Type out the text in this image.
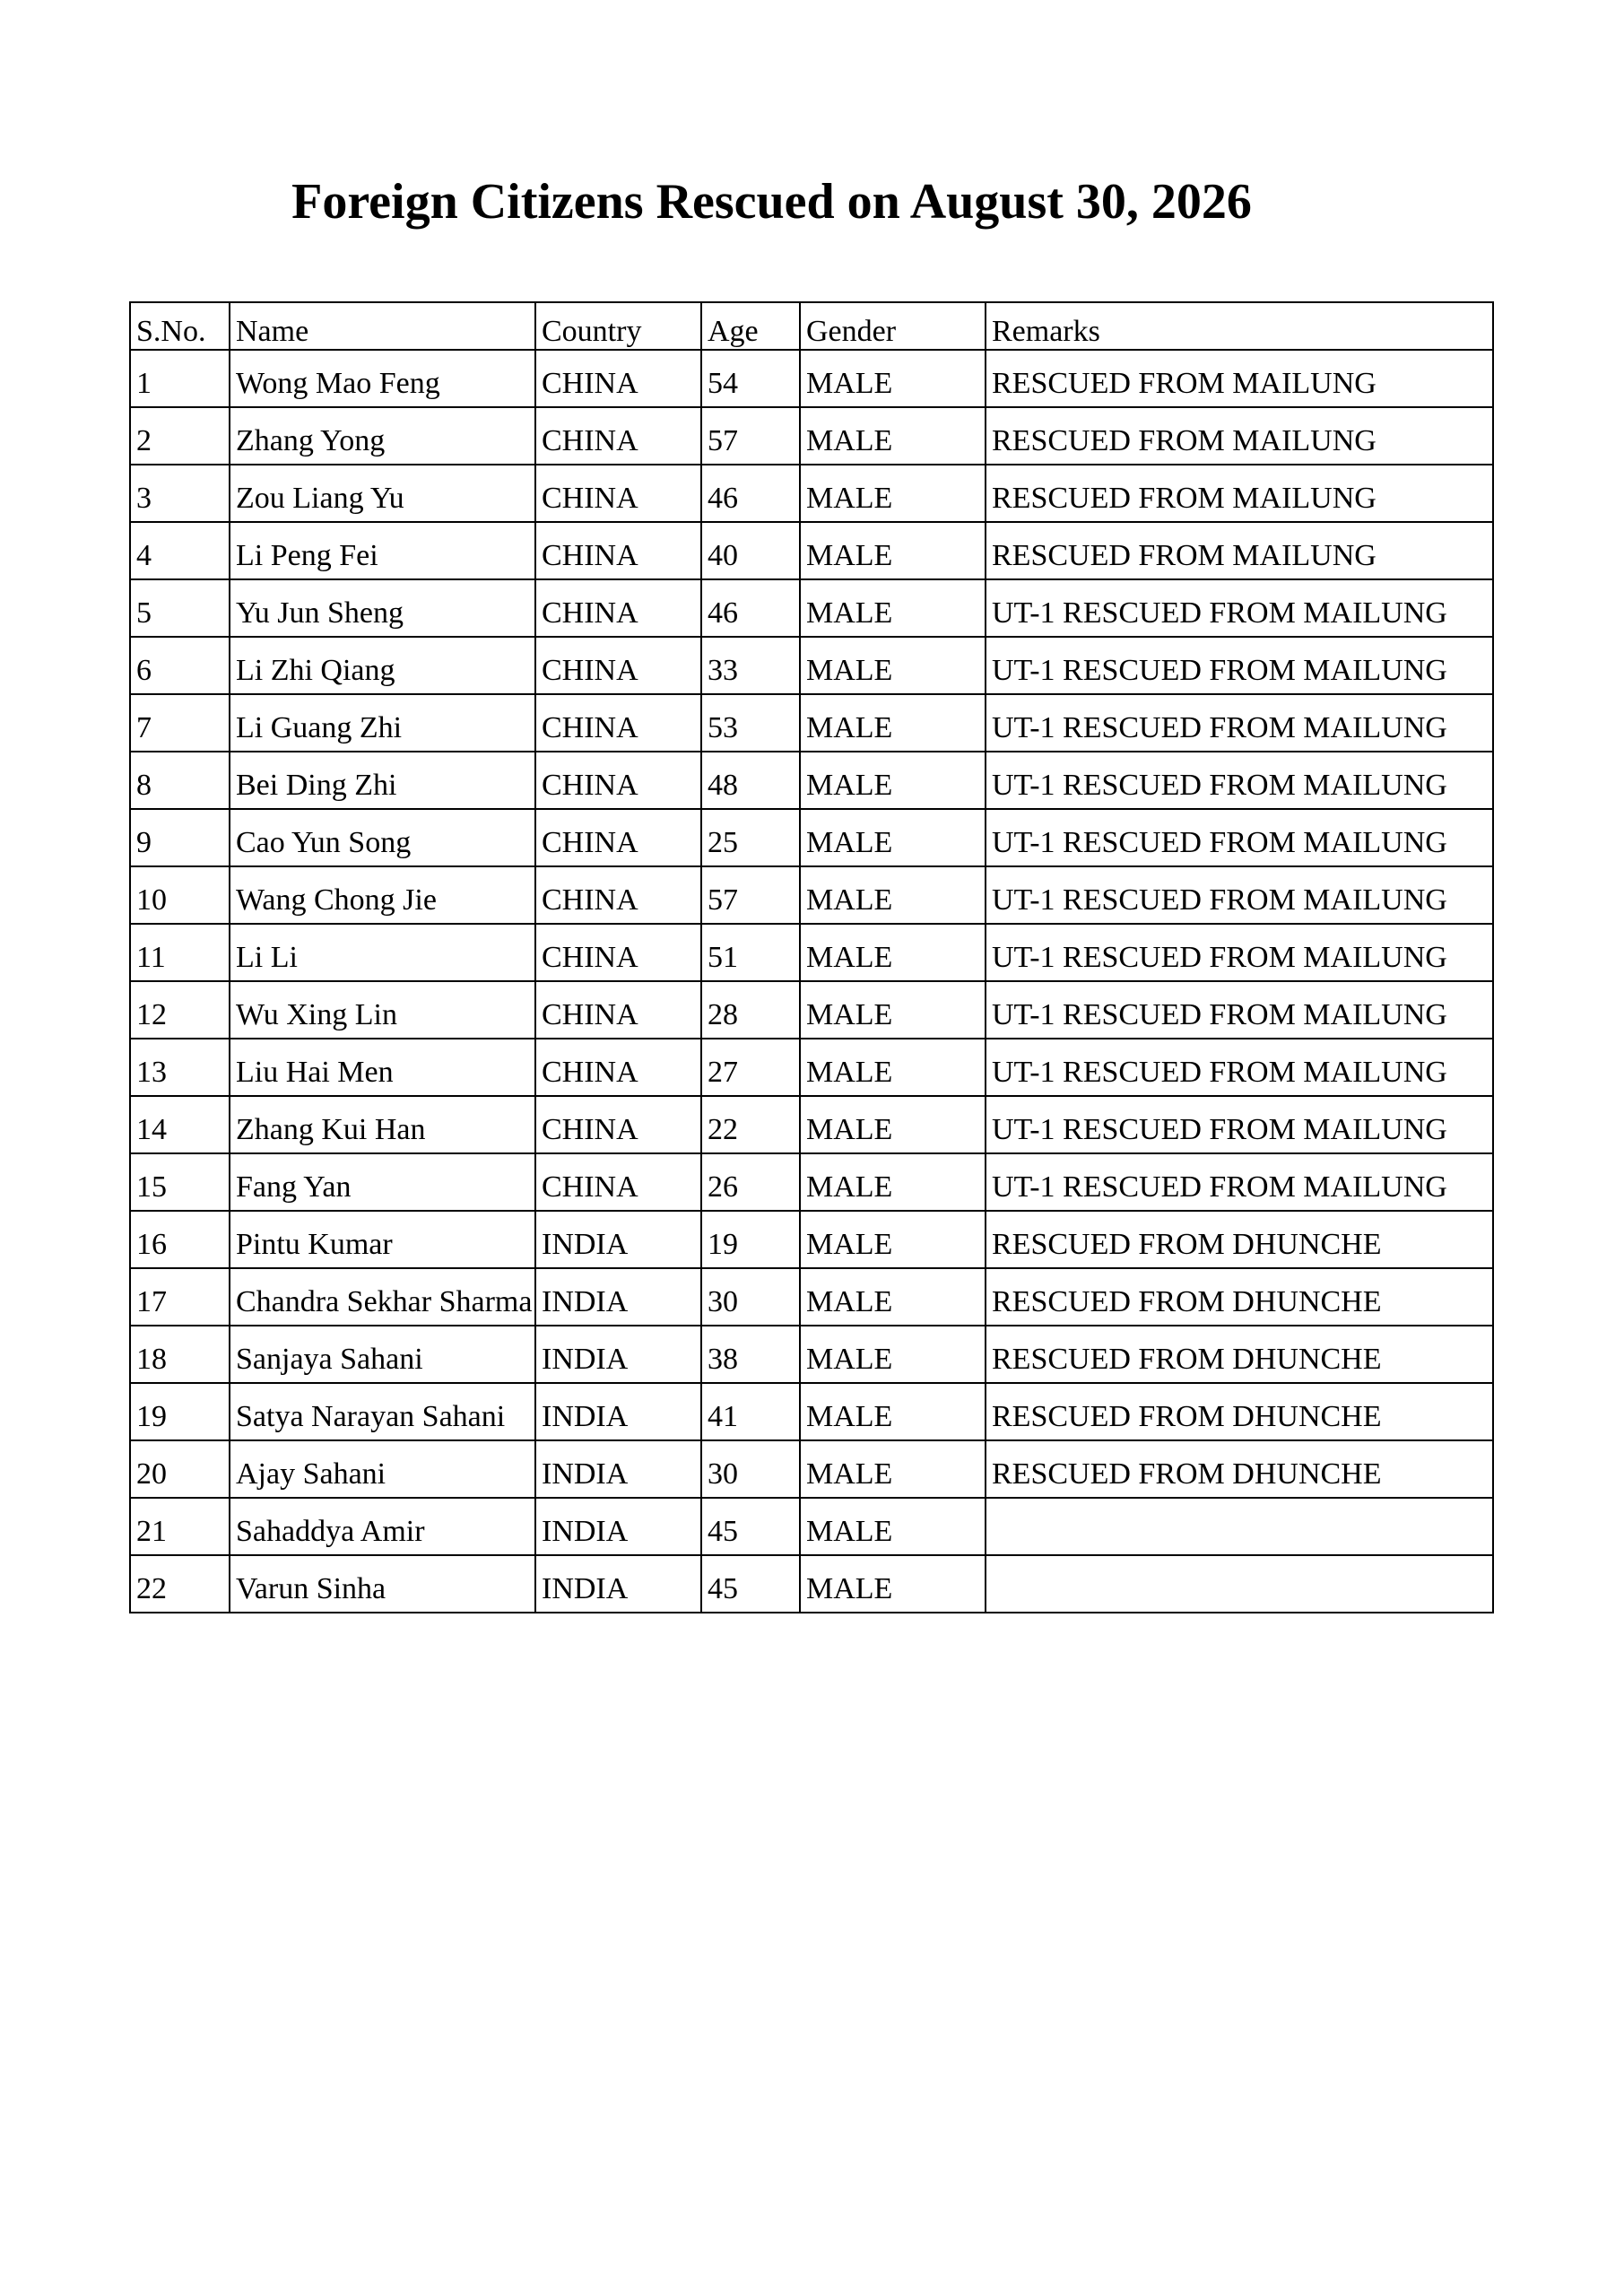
Foreign Citizens Rescued on August 30, 2026
S.No.	Name	Country	Age	Gender	Remarks
1	Wong Mao Feng	CHINA	54	MALE	RESCUED FROM MAILUNG
2	Zhang Yong	CHINA	57	MALE	RESCUED FROM MAILUNG
3	Zou Liang Yu	CHINA	46	MALE	RESCUED FROM MAILUNG
4	Li Peng Fei	CHINA	40	MALE	RESCUED FROM MAILUNG
5	Yu Jun Sheng	CHINA	46	MALE	UT-1 RESCUED FROM MAILUNG
6	Li Zhi Qiang	CHINA	33	MALE	UT-1 RESCUED FROM MAILUNG
7	Li Guang Zhi	CHINA	53	MALE	UT-1 RESCUED FROM MAILUNG
8	Bei Ding Zhi	CHINA	48	MALE	UT-1 RESCUED FROM MAILUNG
9	Cao Yun Song	CHINA	25	MALE	UT-1 RESCUED FROM MAILUNG
10	Wang Chong Jie	CHINA	57	MALE	UT-1 RESCUED FROM MAILUNG
11	Li Li	CHINA	51	MALE	UT-1 RESCUED FROM MAILUNG
12	Wu Xing Lin	CHINA	28	MALE	UT-1 RESCUED FROM MAILUNG
13	Liu Hai Men	CHINA	27	MALE	UT-1 RESCUED FROM MAILUNG
14	Zhang Kui Han	CHINA	22	MALE	UT-1 RESCUED FROM MAILUNG
15	Fang Yan	CHINA	26	MALE	UT-1 RESCUED FROM MAILUNG
16	Pintu Kumar	INDIA	19	MALE	RESCUED FROM DHUNCHE
17	Chandra Sekhar Sharma	INDIA	30	MALE	RESCUED FROM DHUNCHE
18	Sanjaya Sahani	INDIA	38	MALE	RESCUED FROM DHUNCHE
19	Satya Narayan Sahani	INDIA	41	MALE	RESCUED FROM DHUNCHE
20	Ajay Sahani	INDIA	30	MALE	RESCUED FROM DHUNCHE
21	Sahaddya Amir	INDIA	45	MALE	
22	Varun Sinha	INDIA	45	MALE	
